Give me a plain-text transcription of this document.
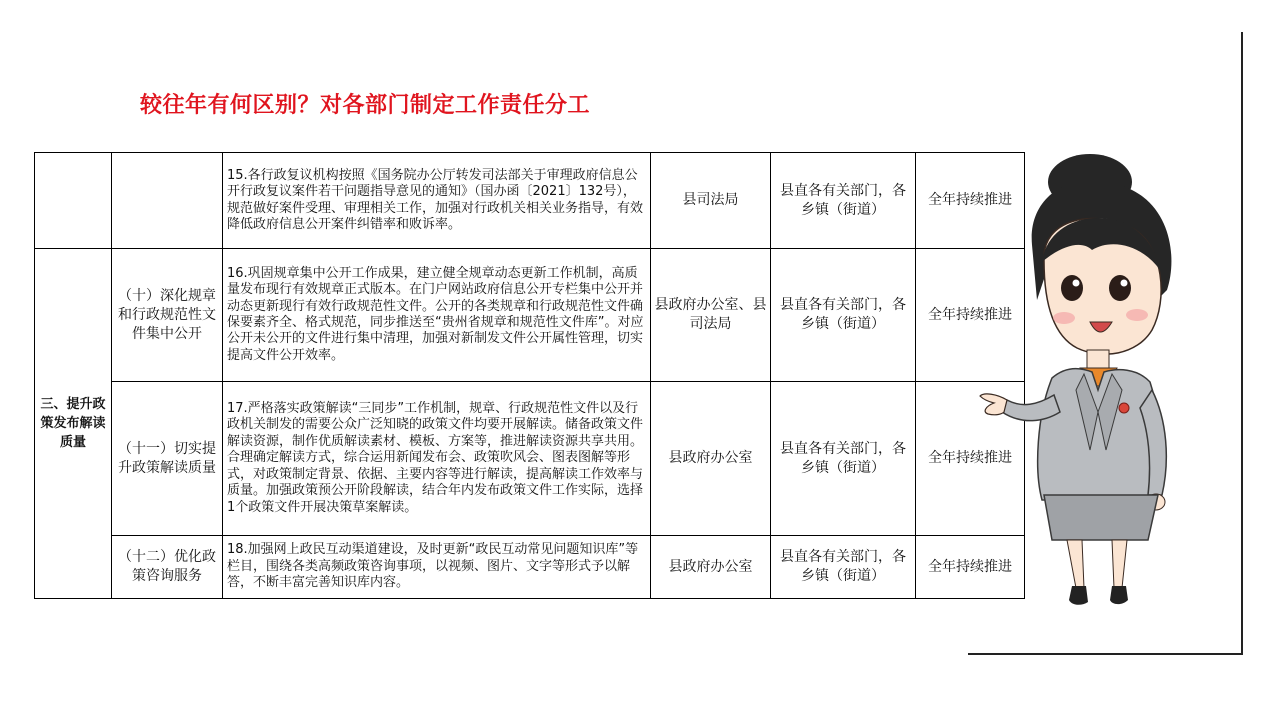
较往年有何区别？对各部门制定工作责任分工
		15.各行政复议机构按照《国务院办公厅转发司法部关于审理政府信息公开行政复议案件若干问题指导意见的通知》（国办函〔2021〕132号），规范做好案件受理、审理相关工作，加强对行政机关相关业务指导，有效降低政府信息公开案件纠错率和败诉率。	县司法局	县直各有关部门，各乡镇（街道）	全年持续推进
三、提升政策发布解读质量	（十）深化规章和行政规范性文件集中公开	16.巩固规章集中公开工作成果，建立健全规章动态更新工作机制，高质量发布现行有效规章正式版本。在门户网站政府信息公开专栏集中公开并动态更新现行有效行政规范性文件。公开的各类规章和行政规范性文件确保要素齐全、格式规范，同步推送至“贵州省规章和规范性文件库”。对应公开未公开的文件进行集中清理，加强对新制发文件公开属性管理，切实提高文件公开效率。	县政府办公室、县司法局	县直各有关部门，各乡镇（街道）	全年持续推进
	（十一）切实提升政策解读质量	17.严格落实政策解读“三同步”工作机制，规章、行政规范性文件以及行政机关制发的需要公众广泛知晓的政策文件均要开展解读。储备政策文件解读资源，制作优质解读素材、模板、方案等，推进解读资源共享共用。合理确定解读方式，综合运用新闻发布会、政策吹风会、图表图解等形式，对政策制定背景、依据、主要内容等进行解读，提高解读工作效率与质量。加强政策预公开阶段解读，结合年内发布政策文件工作实际，选择1个政策文件开展决策草案解读。	县政府办公室	县直各有关部门，各乡镇（街道）	全年持续推进
	（十二）优化政策咨询服务	18.加强网上政民互动渠道建设，及时更新“政民互动常见问题知识库”等栏目，围绕各类高频政策咨询事项，以视频、图片、文字等形式予以解答，不断丰富完善知识库内容。	县政府办公室	县直各有关部门，各乡镇（街道）	全年持续推进
